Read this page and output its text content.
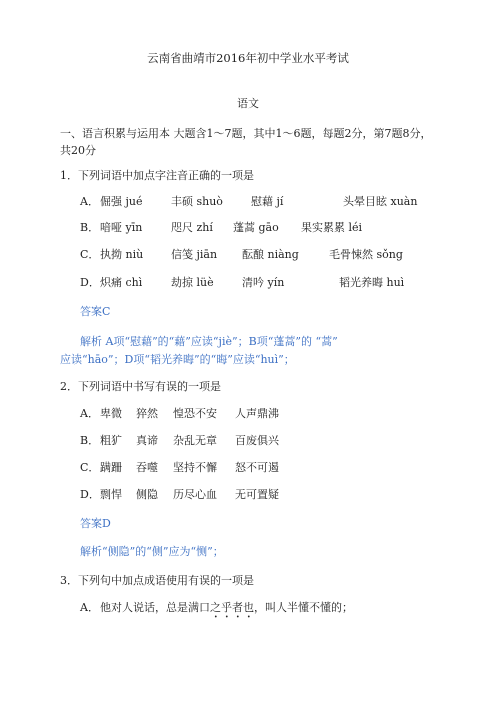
云南省曲靖市2016年初中学业水平考试
语文
一、语言积累与运用本 大题含1～7题，其中1～6题，每题2分，第7题8分，共20分
1．下列词语中加点字注音正确的一项是
A．倔强 jué	丰硕 shuò	慰藉 jí	头晕目眩 xuàn
B．喑哑 yīn	咫尺 zhí 蓬蒿 gāo 果实累累 léi
C．执拗 niù	信笺 jiān 酝酿 niàng	毛骨悚然 sǒng
D．炽痛 chì	劫掠 lüè	清吟 yín	韬光养晦 huì
答案C
解析 A项“慰藉”的“藉”应读“jiè”；B项“蓬蒿”的 “蒿”
应读“hāo”；D项“韬光养晦”的“晦”应读“huì”；
2．下列词语中书写有误的一项是
A．卑微 猝然 惶恐不安 人声鼎沸
B．粗犷 真谛 杂乱无章 百废俱兴
C．蹒跚 吞噬 坚持不懈 怒不可遏
D．剽悍 侧隐 历尽心血 无可置疑
答案D
解析“侧隐”的“侧”应为“恻”；
3．下列句中加点成语使用有误的一项是
A．他对人说话，总是满口之乎者也，叫人半懂不懂的；
